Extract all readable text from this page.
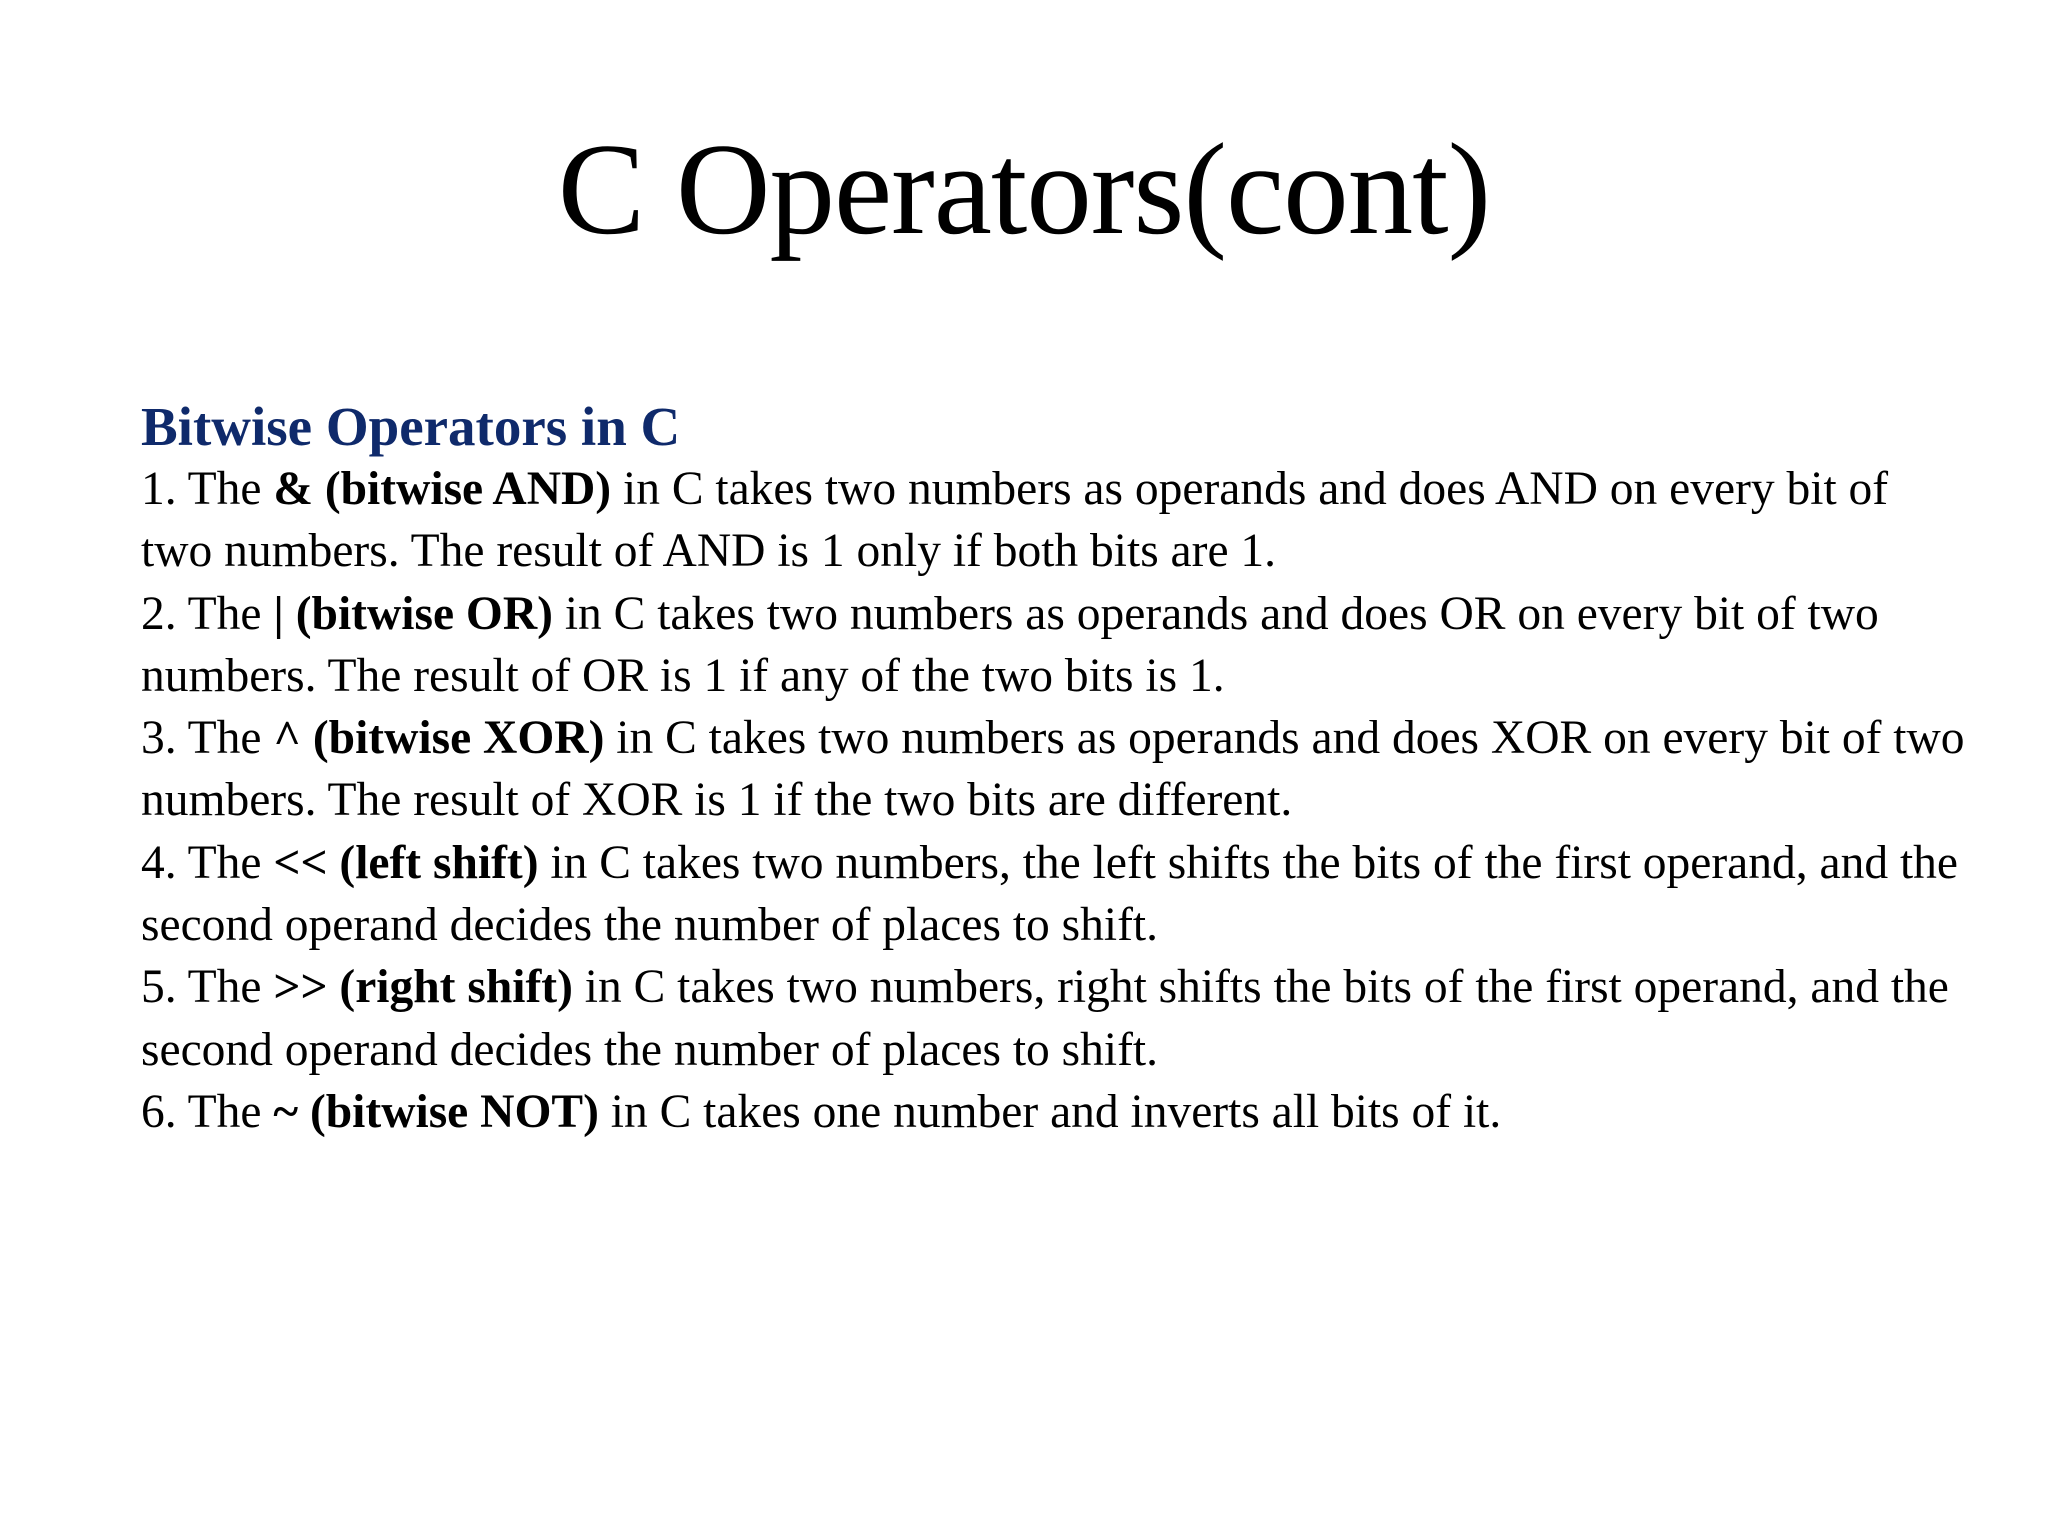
C Operators(cont)

Bitwise Operators in C

1. The & (bitwise AND) in C takes two numbers as operands and does AND on every bit of two numbers. The result of AND is 1 only if both bits are 1.
2. The | (bitwise OR) in C takes two numbers as operands and does OR on every bit of two numbers. The result of OR is 1 if any of the two bits is 1.
3. The ^ (bitwise XOR) in C takes two numbers as operands and does XOR on every bit of two numbers. The result of XOR is 1 if the two bits are different.
4. The << (left shift) in C takes two numbers, the left shifts the bits of the first operand, and the second operand decides the number of places to shift.
5. The >> (right shift) in C takes two numbers, right shifts the bits of the first operand, and the second operand decides the number of places to shift.
6. The ~ (bitwise NOT) in C takes one number and inverts all bits of it.
